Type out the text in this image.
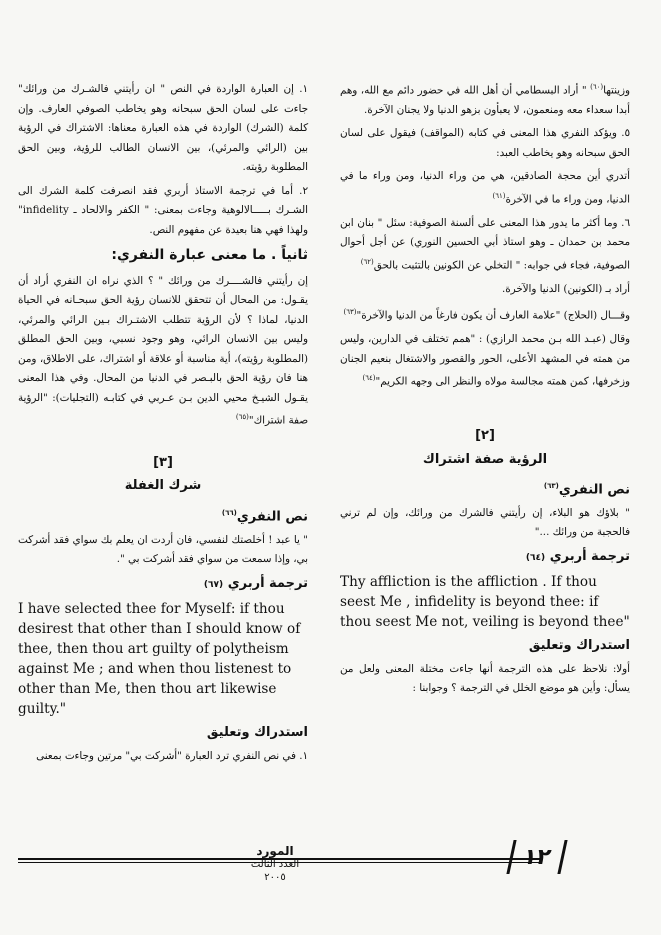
وزينتها$^{(٦٠)}$ " أراد البسطامي أن أهل الله في حضور دائم مع الله، وهم أبدا سعداء معه ومنعمون، لا يعبأون بزهو الدنيا ولا يجنان الآخرة.

٥. ويؤكد النفري هذا المعنى في كتابه (المواقف) فيقول على لسان الحق سبحانه وهو يخاطب العبد:

أتدري أين محجة الصادقين، هي من وراء الدنيا، ومن وراء ما في الدنيا، ومن وراء ما في الآخرة$^{(٦١)}$

٦. وما أكثر ما يدور هذا المعنى على ألسنة الصوفية: سئل " بنان ابن محمد بن حمدان ـ وهو استاذ أبي الحسين النوري) عن أجل أحوال الصوفية، فجاء في جوابه: " التخلي عن الكونين بالتثبت بالحق$^{(٦٢)}$

أراد بـ (الكونين) الدنيا والآخرة.

وقـــال (الحلاج) "علامة العارف أن يكون فارغاً من الدنيا والآخرة"$^{(٦٣)}$

وقال (عبـد الله بـن محمد الرازي) : "همم تختلف في الدارين، وليس من همته في المشهد الأعلى، الحور والقصور والاشتغال بنعيم الجنان وزخرفها، كمن همته مجالسة مولاه والنظر الى وجهه الكريم"$^{(٦٤)}$

[٢]
الرؤية صفة اشتراك
نص النفري$^{(٦٣)}$

" بلاؤك هو البلاء، إن رأيتني فالشرك من ورائك، وإن لم ترني فالحجبة من ورائك ..."

ترجمة أربري (٦٤)

Thy affliction is the affliction . If thou seest Me , infidelity is beyond thee: if thou seest Me not, veiling is beyond thee"

استدراك وتعليق

أولا: نلاحظ على هذه الترجمة أنها جاءت مختلة المعنى ولعل من يسأل: وأين هو موضع الخلل في الترجمة ؟ وجوابنا :

١. إن العبارة الواردة في النص " ان رأيتني فالشـرك من ورائك" جاءت على لسان الحق سبحانه وهو يخاطب الصوفي العارف. وإن كلمة (الشرك) الواردة في هذه العبارة معناها: الاشتراك في الرؤية بين (الرائي والمرئي)، بين الانسان الطالب للرؤية، وبين الحق المطلوبة رؤيته.

٢. أما في ترجمة الاستاذ أربري فقد انصرفت كلمة الشرك الى الشـرك بـــــالالوهية وجاءت بمعنى: " الكفر والالحاد ـ infidelity" ولهذا فهي هنا بعيدة عن مفهوم النص.

ثانياً . ما معنى عبارة النفري:

إن رأيتني فالشــــرك من ورائك " ؟ الذي نراه ان النفري أراد أن يقـول: من المحال أن تتحقق للانسان رؤية الحق سبحـانه في الحياة الدنيا، لماذا ؟ لأن الرؤية تتطلب الاشتـراك بـين الرائي والمرئي، وليس بين الانسان الرائي، وهو وجود نسبي، وبين الحق المطلق (المطلوبة رؤيته)، أية مناسبة أو علاقة أو اشتراك، على الاطلاق، ومن هنا فان رؤية الحق بالبـصر في الدنيا من المحال. وفي هذا المعنى يقـول الشيـخ محيي الدين بـن عـربي في كتابـه (التجليات): "الرؤية صفة اشتراك"$^{(٦٥)}$

[٣]
شرك الغفلة
نص النفري$^{(٦٦)}$

" يا عبد ! أخلصتك لنفسي، فان أردت ان يعلم بك سواي فقد أشركت بي، وإذا سمعت من سواي فقد أشركت بي ".

ترجمة أربري (٦٧)

I have selected thee for Myself: if thou desirest that other than I should know of thee, then thou art guilty of polytheism against Me ; and when thou listenest to other than Me, then thou art likewise guilty."

استدراك وتعليق

١. في نص النفري ترد العبارة "أشركت بي" مرتين وجاءت بمعنى

١٢
المورد
العدد الثالث ٢٠٠٥
